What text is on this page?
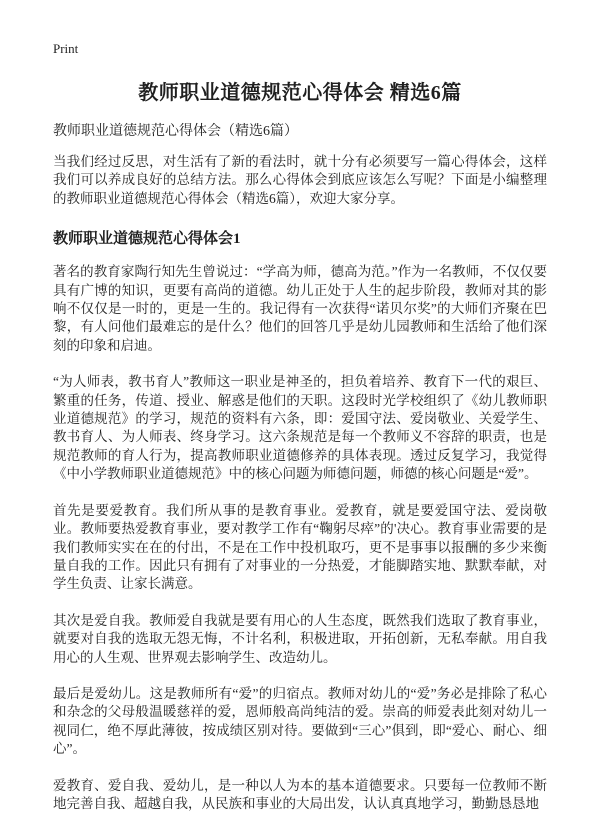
Print
教师职业道德规范心得体会 精选6篇
教师职业道德规范心得体会（精选6篇）

当我们经过反思，对生活有了新的看法时，就十分有必须要写一篇心得体会，这样我们可以养成良好的总结方法。那么心得体会到底应该怎么写呢？下面是小编整理的教师职业道德规范心得体会（精选6篇），欢迎大家分享。

教师职业道德规范心得体会1

著名的教育家陶行知先生曾说过：“学高为师，德高为范。”作为一名教师，不仅仅要具有广博的知识，更要有高尚的道德。幼儿正处于人生的起步阶段，教师对其的影响不仅仅是一时的，更是一生的。我记得有一次获得“诺贝尔奖”的大师们齐聚在巴黎，有人问他们最难忘的是什么？他们的回答几乎是幼儿园教师和生活给了他们深刻的印象和启迪。

“为人师表，教书育人”教师这一职业是神圣的，担负着培养、教育下一代的艰巨、繁重的任务，传道、授业、解惑是他们的天职。这段时光学校组织了《幼儿教师职业道德规范》的学习，规范的资料有六条，即：爱国守法、爱岗敬业、关爱学生、教书育人、为人师表、终身学习。这六条规范是每一个教师义不容辞的职责，也是规范教师的育人行为，提高教师职业道德修养的具体表现。透过反复学习，我觉得《中小学教师职业道德规范》中的核心问题为师德问题，师德的核心问题是“爱”。

首先是要爱教育。我们所从事的是教育事业。爱教育，就是要爱国守法、爱岗敬业。教师要热爱教育事业，要对教学工作有“鞠躬尽瘁”的'决心。教育事业需要的是我们教师实实在在的付出，不是在工作中投机取巧，更不是事事以报酬的多少来衡量自我的工作。因此只有拥有了对事业的一分热爱，才能脚踏实地、默默奉献，对学生负责、让家长满意。

其次是爱自我。教师爱自我就是要有用心的人生态度，既然我们选取了教育事业，就要对自我的选取无怨无悔，不计名利，积极进取，开拓创新，无私奉献。用自我用心的人生观、世界观去影响学生、改造幼儿。

最后是爱幼儿。这是教师所有“爱”的归宿点。教师对幼儿的“爱”务必是排除了私心和杂念的父母般温暖慈祥的爱，恩师般高尚纯洁的爱。崇高的师爱表此刻对幼儿一视同仁，绝不厚此薄彼，按成绩区别对待。要做到“三心”俱到，即“爱心、耐心、细心”。

爱教育、爱自我、爱幼儿，是一种以人为本的基本道德要求。只要每一位教师不断地完善自我、超越自我，从民族和事业的大局出发，认认真真地学习，勤勤恳恳地
